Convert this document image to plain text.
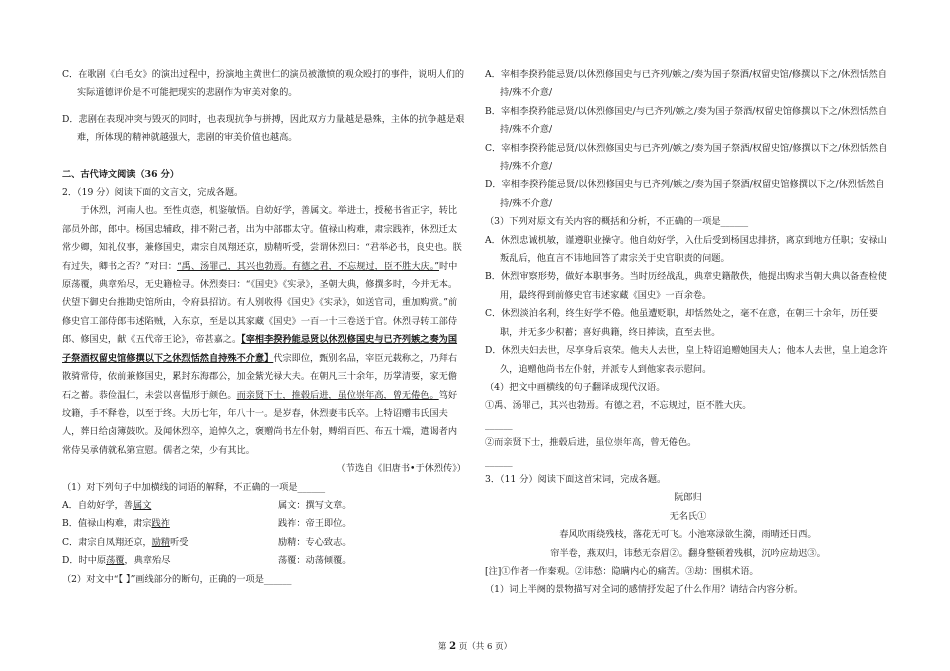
C．在歌剧《白毛女》的演出过程中，扮演地主黄世仁的演员被激愤的观众殴打的事件，说明人们的实际道德评价是不可能把现实的悲剧作为审美对象的。

D．悲剧在表现冲突与毁灭的同时，也表现抗争与拼搏，因此双方力量越是悬殊，主体的抗争越是艰难，所体现的精神就越强大，悲剧的审美价值也越高。

二、古代诗文阅读（36 分）

2．（19 分）阅读下面的文言文，完成各题。

于休烈，河南人也。至性贞悫，机鉴敏悟。自幼好学，善属文。举进士，授秘书省正字，转比部员外郎，郎中。杨国忠辅政，排不附己者，出为中部郡太守。值禄山构难，肃宗践祚，休烈迁太常少卿，知礼仪事，兼修国史，肃宗自凤翔还京，励精听受，尝谓休烈曰：“君举必书，良史也。朕有过失，卿书之否？”对曰：“禹、汤罪己，其兴也勃焉。有德之君，不忘规过，臣不胜大庆。”时中原荡覆，典章殆尽，无史籍检寻。休烈奏曰：“《国史》《实录》，圣朝大典，修撰多时，今并无本。伏望下御史台推勘史馆所由，令府县招访。有人别收得《国史》《实录》，如送官司，重加购赏。”前修史官工部侍郎韦述陷贼，入东京，至是以其家藏《国史》一百一十三卷送于官。休烈寻转工部侍郎、修国史，献《五代帝王论》，帝甚嘉之。【宰相李揆矜能忌贤以休烈修国史与已齐列嫉之奏为国子祭酒权留史馆修撰以下之休烈恬然自持殊不介意】代宗即位，甄别名品，宰臣元载称之，乃拜右散骑常侍，依前兼修国史，累封东海郡公，加金紫光禄大夫。在朝凡三十余年，历掌清要，家无儋石之蓄。恭俭温仁，未尝以喜愠形于颜色。而亲贤下士，推毂后进，虽位崇年高，曾无倦色。笃好坟籍，手不释卷，以至于终。大历七年，年八十一。是岁春，休烈妻韦氏卒。上特诏赠韦氏国夫人，葬日给卤簿鼓吹。及闻休烈卒，追悼久之，褒赠尚书左仆射，赙绢百匹、布五十端，遣谒者内常侍吴承倩就私第宣慰。儒者之荣，少有其比。

（节选自《旧唐书•于休烈传》）

（1）对下列句子中加横线的词语的解释，不正确的一项是______

A．自幼好学，善属文	属文：撰写文章。
B．值禄山构难，肃宗践祚	践祚：帝王即位。
C．肃宗自凤翔还京，励精听受	励精：专心致志。
D．时中原荡覆，典章殆尽	荡覆：动荡倾覆。

（2）对文中“【 】”画线部分的断句，正确的一项是______

A．宰相李揆矜能忌贤/以休烈修国史与已齐列/嫉之/奏为国子祭酒/权留史馆/修撰以下之/休烈恬然自持/殊不介意/

B．宰相李揆矜能忌贤/以休烈修国史/与已齐列/嫉之/奏为国子祭酒/权留史馆修撰以下之/休烈恬然自持/殊不介意/

C．宰相李揆矜能忌贤/以休烈修国史与已齐列/嫉之/奏为国子祭酒/权留史馆/修撰以下之/休烈恬然自持/殊不介意/

D．宰相李揆矜能忌贤/以休烈修国史与已齐列/嫉之/奏为国子祭酒/权留史馆修撰以下之/休烈恬然自持/殊不介意/

（3）下列对原文有关内容的概括和分析，不正确的一项是______

A．休烈忠诚机敏，谨遵职业操守。他自幼好学，入仕后受到杨国忠排挤，离京到地方任职；安禄山叛乱后，他直言不讳地回答了肃宗关于史官职责的问题。

B．休烈审察形势，做好本职事务。当时历经战乱，典章史籍散佚，他提出购求当朝大典以备查检使用，最终得到前修史官韦述家藏《国史》一百余卷。

C．休烈淡泊名利，终生好学不倦。他虽遭贬职，却恬然处之，毫不在意，在朝三十余年，历任要职，并无多少积蓄；喜好典籍，终日捧读，直至去世。

D．休烈夫妇去世，尽享身后哀荣。他夫人去世，皇上特诏追赠她国夫人；他本人去世，皇上追念许久，追赠他尚书左仆射，并派专人到他家表示慰问。

（4）把文中画横线的句子翻译成现代汉语。

①禹、汤罪己，其兴也勃焉。有德之君，不忘规过，臣不胜大庆。

______

②而亲贤下士，推毂后进，虽位崇年高，曾无倦色。

______

3．（11 分）阅读下面这首宋词，完成各题。

阮郎归

无名氏①

春风吹雨绕残枝，落花无可飞。小池寒渌欲生漪，雨晴还日西。

帘半卷，燕双归，讳愁无奈眉②。翻身整顿着残棋，沉吟应劫迟③。

[注]①作者一作秦观。②讳愁：隐瞒内心的痛苦。③劫：围棋术语。

（1）词上半阕的景物描写对全词的感情抒发起了什么作用？请结合内容分析。

第 2 页（共 6 页）
